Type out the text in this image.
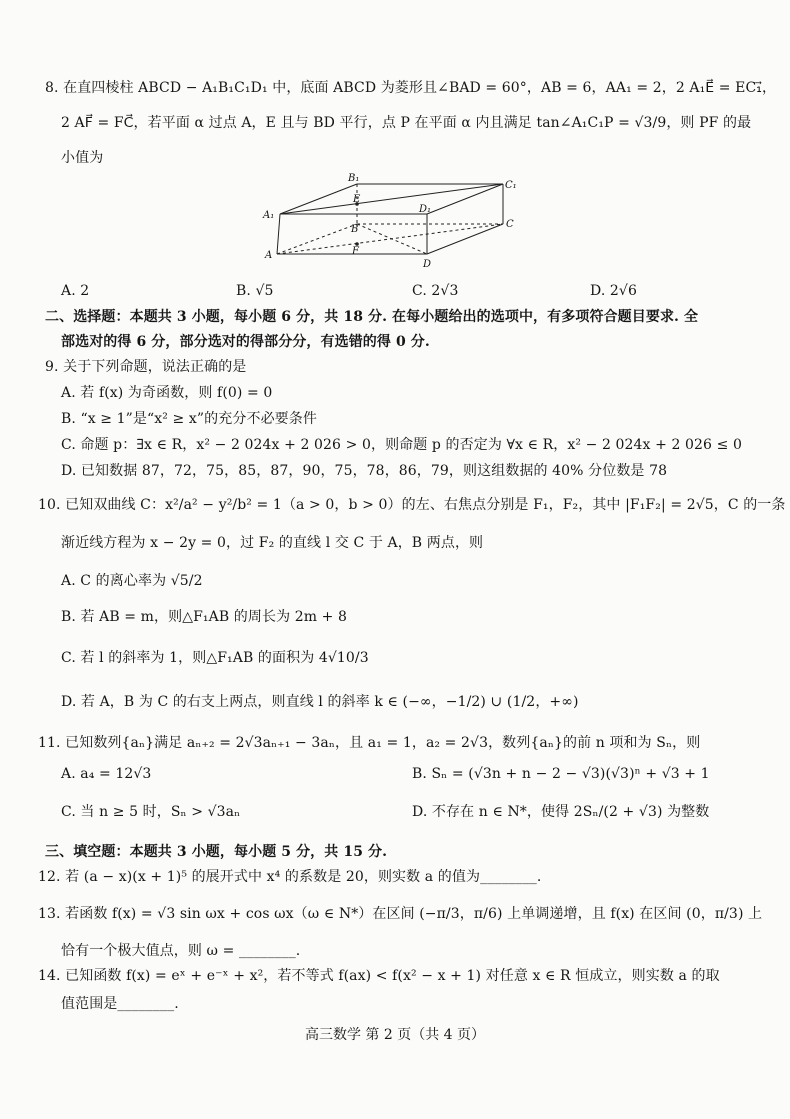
8. 在直四棱柱 ABCD − A₁B₁C₁D₁ 中，底面 ABCD 为菱形且∠BAD = 60°，AB = 6，AA₁ = 2，2 A₁E⃗ = EC₁⃗，
2 AF⃗ = FC⃗，若平面 α 过点 A，E 且与 BD 平行，点 P 在平面 α 内且满足 tan∠A₁C₁P = √3/9，则 PF 的最
小值为
B₁
C₁
E
D₁
A₁
B	C
A	F
D
A. 2	B. √5	C. 2√3	D. 2√6
二、选择题：本题共 3 小题，每小题 6 分，共 18 分. 在每小题给出的选项中，有多项符合题目要求. 全
部选对的得 6 分，部分选对的得部分分，有选错的得 0 分.
9. 关于下列命题，说法正确的是
A. 若 f(x) 为奇函数，则 f(0) = 0
B. “x ≥ 1”是“x² ≥ x”的充分不必要条件
C. 命题 p：∃x ∈ R，x² − 2 024x + 2 026 > 0，则命题 p 的否定为 ∀x ∈ R，x² − 2 024x + 2 026 ≤ 0
D. 已知数据 87，72，75，85，87，90，75，78，86，79，则这组数据的 40% 分位数是 78
10. 已知双曲线 C：x²/a² − y²/b² = 1（a > 0，b > 0）的左、右焦点分别是 F₁，F₂，其中 |F₁F₂| = 2√5，C 的一条
渐近线方程为 x − 2y = 0，过 F₂ 的直线 l 交 C 于 A，B 两点，则
A. C 的离心率为 √5/2
B. 若 AB = m，则△F₁AB 的周长为 2m + 8
C. 若 l 的斜率为 1，则△F₁AB 的面积为 4√10/3
D. 若 A，B 为 C 的右支上两点，则直线 l 的斜率 k ∈ (−∞，−1/2) ∪ (1/2，+∞)
11. 已知数列{aₙ}满足 aₙ₊₂ = 2√3aₙ₊₁ − 3aₙ，且 a₁ = 1，a₂ = 2√3，数列{aₙ}的前 n 项和为 Sₙ，则
A. a₄ = 12√3	B. Sₙ = (√3n + n − 2 − √3)(√3)ⁿ + √3 + 1
C. 当 n ≥ 5 时，Sₙ > √3aₙ	D. 不存在 n ∈ N*，使得 2Sₙ/(2 + √3) 为整数
三、填空题：本题共 3 小题，每小题 5 分，共 15 分.
12. 若 (a − x)(x + 1)⁵ 的展开式中 x⁴ 的系数是 20，则实数 a 的值为________.
13. 若函数 f(x) = √3 sin ωx + cos ωx（ω ∈ N*）在区间 (−π/3，π/6) 上单调递增，且 f(x) 在区间 (0，π/3) 上
恰有一个极大值点，则 ω = ________.
14. 已知函数 f(x) = eˣ + e⁻ˣ + x²，若不等式 f(ax) < f(x² − x + 1) 对任意 x ∈ R 恒成立，则实数 a 的取
值范围是________.
高三数学 第 2 页（共 4 页）
